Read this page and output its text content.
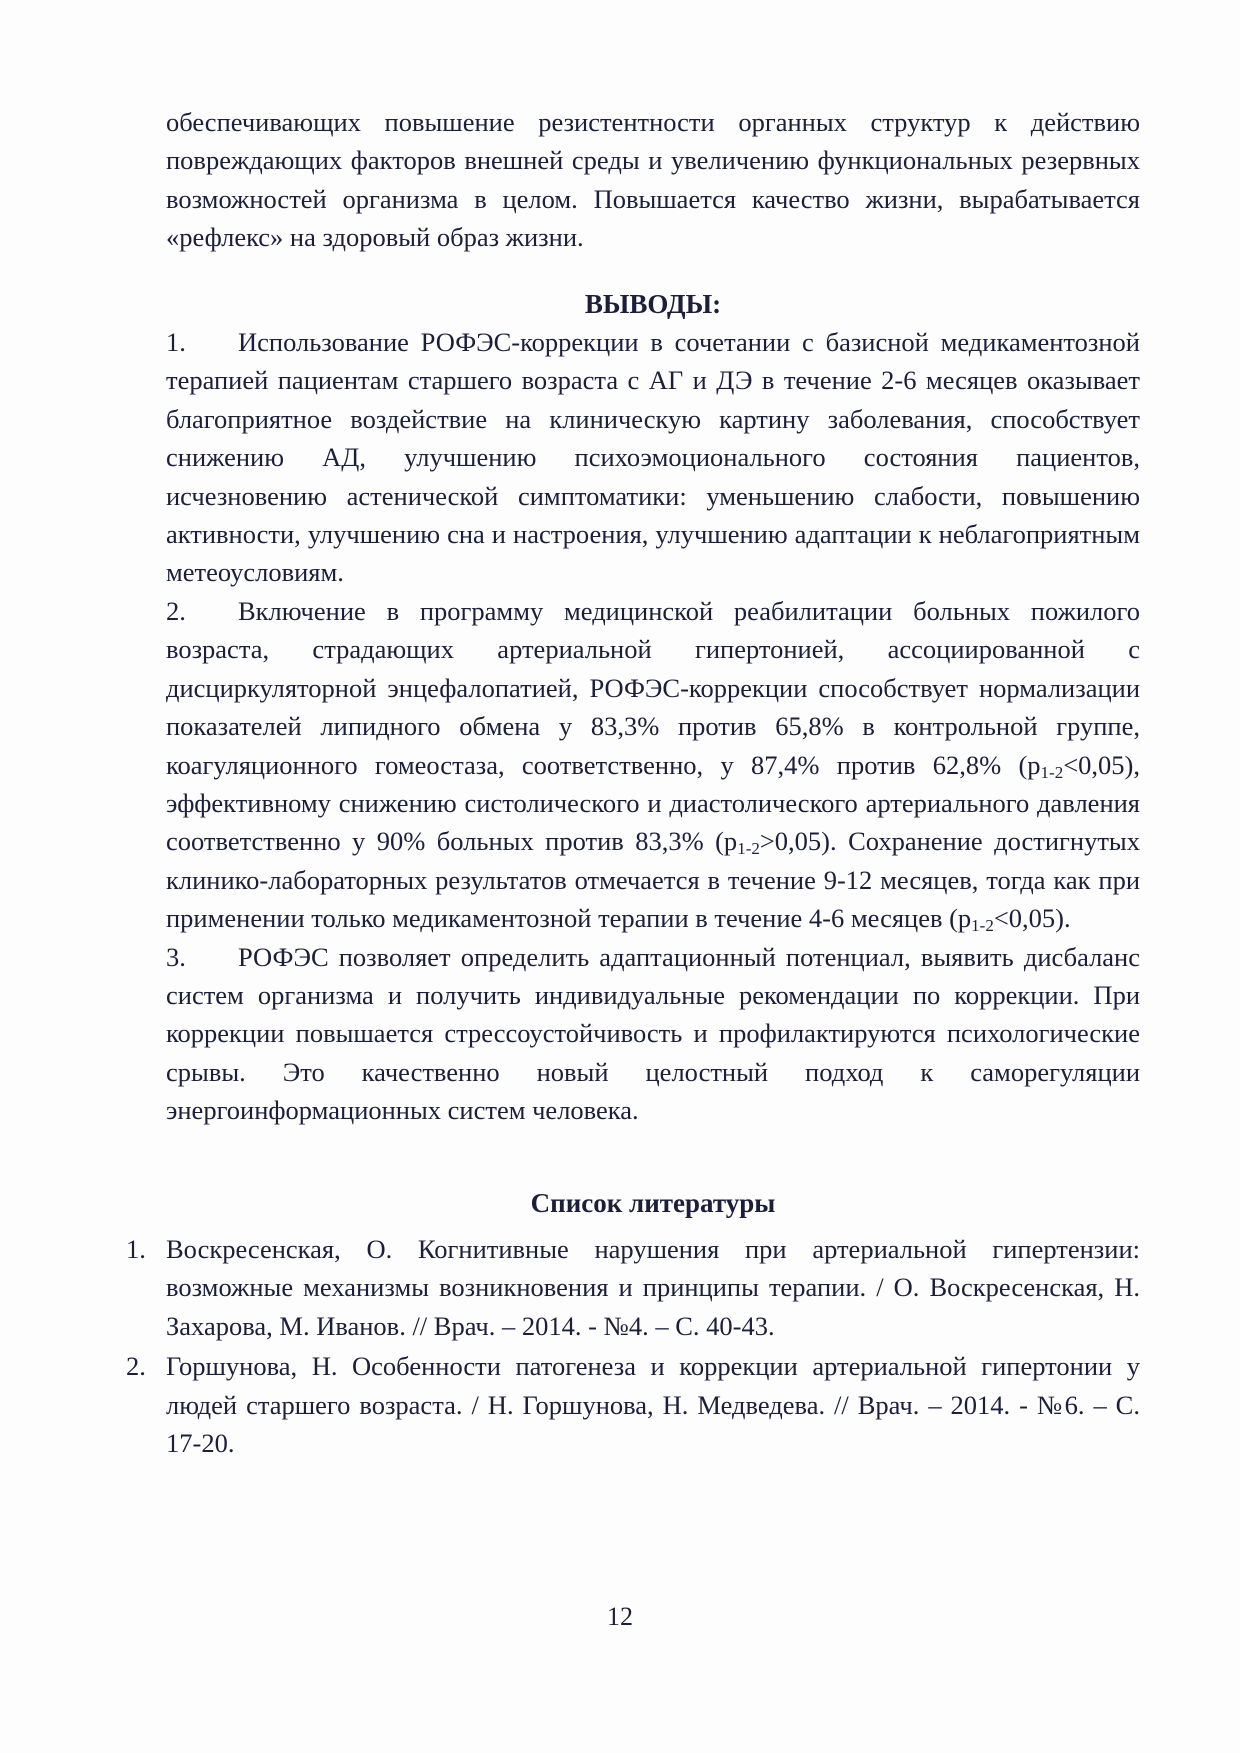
обеспечивающих повышение резистентности органных структур к действию повреждающих факторов внешней среды и увеличению функциональных резервных возможностей организма в целом. Повышается качество жизни, вырабатывается «рефлекс» на здоровый образ жизни.

ВЫВОДЫ:

1. Использование РОФЭС-коррекции в сочетании с базисной медикаментозной терапией пациентам старшего возраста с АГ и ДЭ в течение 2-6 месяцев оказывает благоприятное воздействие на клиническую картину заболевания, способствует снижению АД, улучшению психоэмоционального состояния пациентов, исчезновению астенической симптоматики: уменьшению слабости, повышению активности, улучшению сна и настроения, улучшению адаптации к неблагоприятным метеоусловиям.

2. Включение в программу медицинской реабилитации больных пожилого возраста, страдающих артериальной гипертонией, ассоциированной с дисциркуляторной энцефалопатией, РОФЭС-коррекции способствует нормализации показателей липидного обмена у 83,3% против 65,8% в контрольной группе, коагуляционного гомеостаза, соответственно, у 87,4% против 62,8% $(p_{1-2}<0,05)$, эффективному снижению систолического и диастолического артериального давления соответственно у 90% больных против 83,3% $(p_{1-2}>0,05)$. Сохранение достигнутых клинико-лабораторных результатов отмечается в течение 9-12 месяцев, тогда как при применении только медикаментозной терапии в течение 4-6 месяцев $(p_{1-2}<0,05)$.

3. РОФЭС позволяет определить адаптационный потенциал, выявить дисбаланс систем организма и получить индивидуальные рекомендации по коррекции. При коррекции повышается стрессоустойчивость и профилактируются психологические срывы. Это качественно новый целостный подход к саморегуляции энергоинформационных систем человека.

Список литературы
1. Воскресенская, О. Когнитивные нарушения при артериальной гипертензии: возможные механизмы возникновения и принципы терапии. / О. Воскресенская, Н. Захарова, М. Иванов. // Врач. – 2014. - №4. – С. 40-43.
2. Горшунова, Н. Особенности патогенеза и коррекции артериальной гипертонии у людей старшего возраста. / Н. Горшунова, Н. Медведева. // Врач. – 2014. - №6. – С. 17-20.
12
